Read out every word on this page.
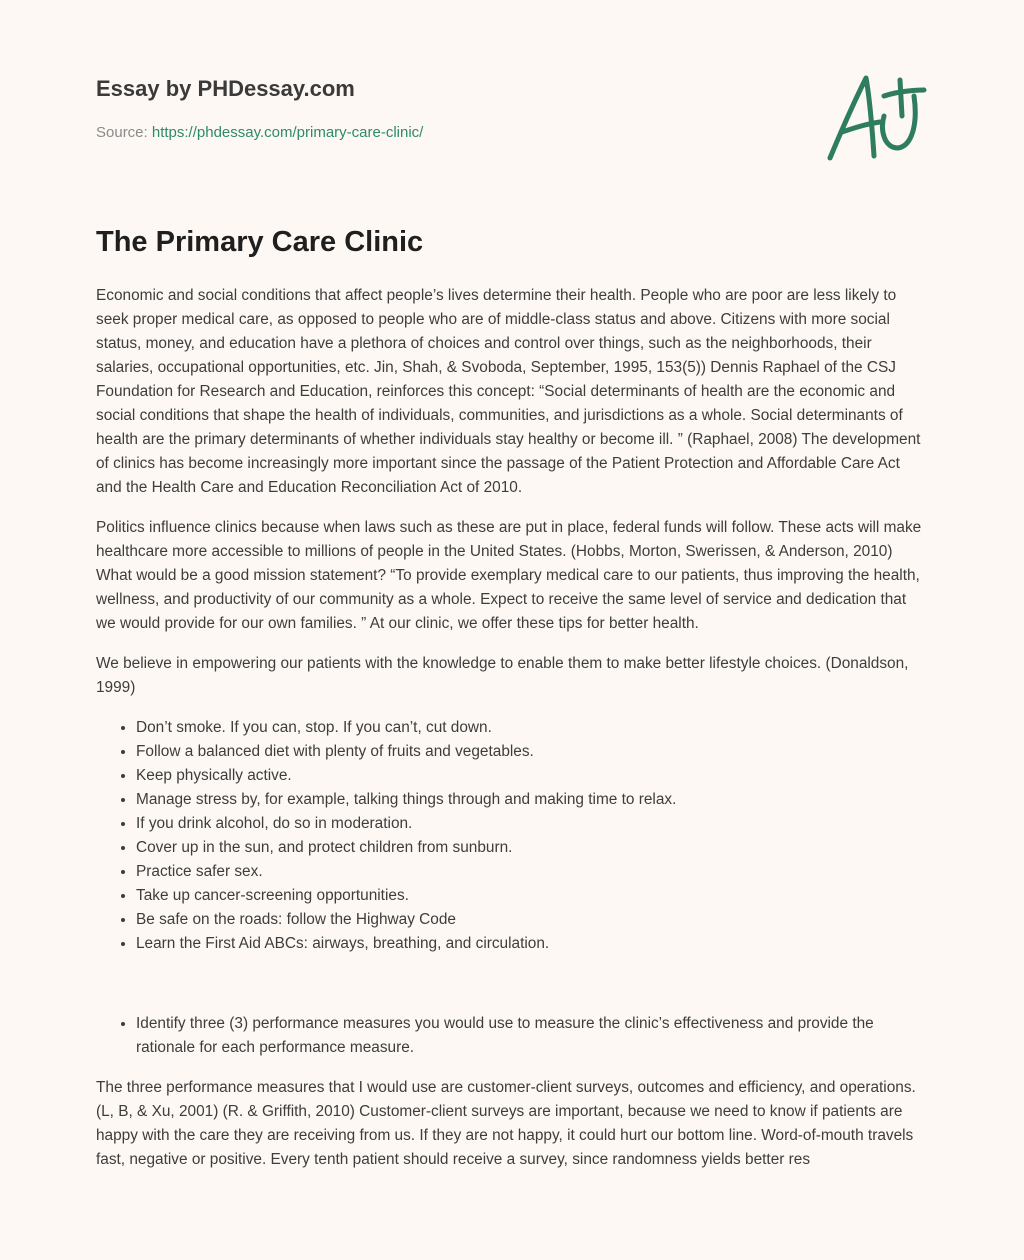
Essay by PHDessay.com
Source: https://phdessay.com/primary-care-clinic/
The Primary Care Clinic

Economic and social conditions that affect people’s lives determine their health. People who are poor are less likely to seek proper medical care, as opposed to people who are of middle-class status and above. Citizens with more social status, money, and education have a plethora of choices and control over things, such as the neighborhoods, their salaries, occupational opportunities, etc. Jin, Shah, & Svoboda, September, 1995, 153(5)) Dennis Raphael of the CSJ Foundation for Research and Education, reinforces this concept: “Social determinants of health are the economic and social conditions that shape the health of individuals, communities, and jurisdictions as a whole. Social determinants of health are the primary determinants of whether individuals stay healthy or become ill. ” (Raphael, 2008) The development of clinics has become increasingly more important since the passage of the Patient Protection and Affordable Care Act and the Health Care and Education Reconciliation Act of 2010.

Politics influence clinics because when laws such as these are put in place, federal funds will follow. These acts will make healthcare more accessible to millions of people in the United States. (Hobbs, Morton, Swerissen, & Anderson, 2010) What would be a good mission statement? “To provide exemplary medical care to our patients, thus improving the health, wellness, and productivity of our community as a whole. Expect to receive the same level of service and dedication that we would provide for our own families. ” At our clinic, we offer these tips for better health.

We believe in empowering our patients with the knowledge to enable them to make better lifestyle choices. (Donaldson, 1999)

• Don’t smoke. If you can, stop. If you can’t, cut down.
• Follow a balanced diet with plenty of fruits and vegetables.
• Keep physically active.
• Manage stress by, for example, talking things through and making time to relax.
• If you drink alcohol, do so in moderation.
• Cover up in the sun, and protect children from sunburn.
• Practice safer sex.
• Take up cancer-screening opportunities.
• Be safe on the roads: follow the Highway Code
• Learn the First Aid ABCs: airways, breathing, and circulation.
• Identify three (3) performance measures you would use to measure the clinic’s effectiveness and provide the rationale for each performance measure.

The three performance measures that I would use are customer-client surveys, outcomes and efficiency, and operations. (L, B, & Xu, 2001) (R. & Griffith, 2010) Customer-client surveys are important, because we need to know if patients are happy with the care they are receiving from us. If they are not happy, it could hurt our bottom line. Word-of-mouth travels fast, negative or positive. Every tenth patient should receive a survey, since randomness yields better res
